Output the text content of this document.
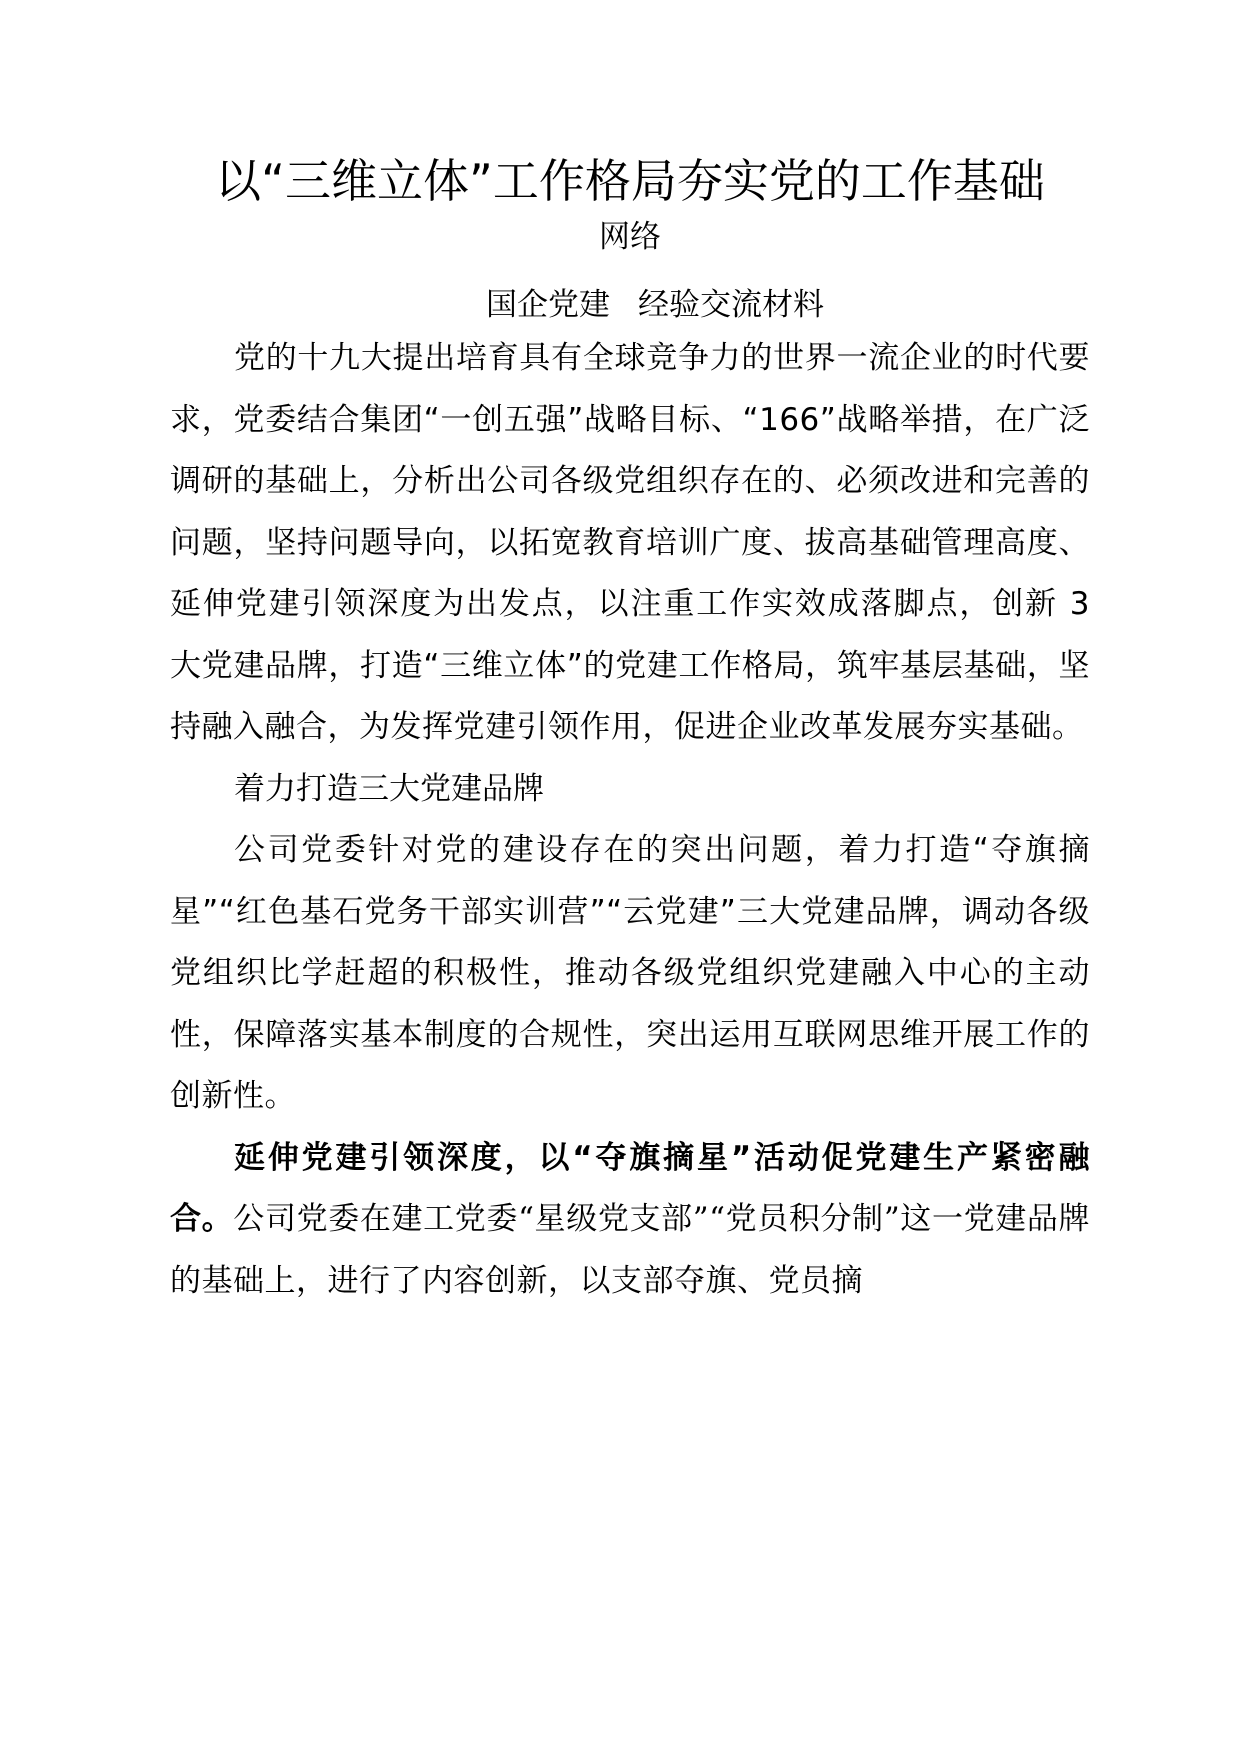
以“三维立体”工作格局夯实党的工作基础
网络
国企党建 经验交流材料

党的十九大提出培育具有全球竞争力的世界一流企业的时代要求，党委结合集团“一创五强”战略目标、“166”战略举措，在广泛调研的基础上，分析出公司各级党组织存在的、必须改进和完善的问题，坚持问题导向，以拓宽教育培训广度、拔高基础管理高度、延伸党建引领深度为出发点，以注重工作实效成落脚点，创新 3 大党建品牌，打造“三维立体”的党建工作格局，筑牢基层基础，坚持融入融合，为发挥党建引领作用，促进企业改革发展夯实基础。

着力打造三大党建品牌

公司党委针对党的建设存在的突出问题，着力打造“夺旗摘星”“红色基石党务干部实训营”“云党建”三大党建品牌，调动各级党组织比学赶超的积极性，推动各级党组织党建融入中心的主动性，保障落实基本制度的合规性，突出运用互联网思维开展工作的创新性。

延伸党建引领深度，以“夺旗摘星”活动促党建生产紧密融合。公司党委在建工党委“星级党支部”“党员积分制”这一党建品牌的基础上，进行了内容创新，以支部夺旗、党员摘
